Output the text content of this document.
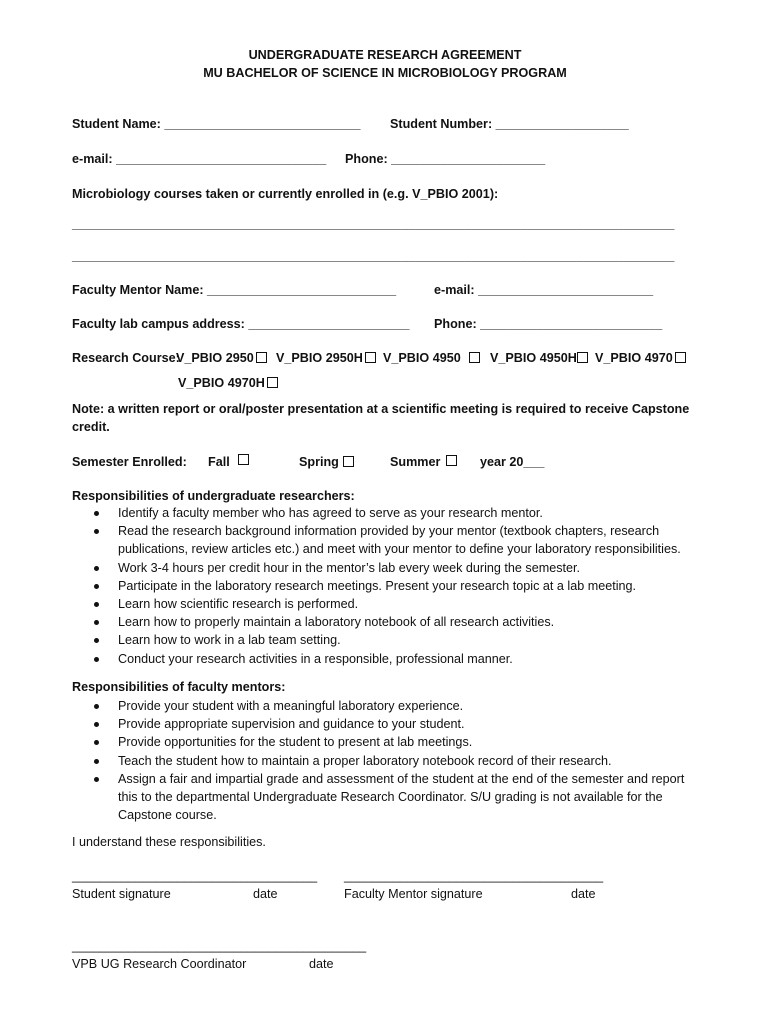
UNDERGRADUATE RESEARCH AGREEMENT
MU BACHELOR OF SCIENCE IN MICROBIOLOGY PROGRAM
Student Name: ____________________________ Student Number: ___________________
e-mail: ______________________________ Phone: ______________________
Microbiology courses taken or currently enrolled in (e.g. V_PBIO 2001):
______________________________________________________________________________________
______________________________________________________________________________________
Faculty Mentor Name: ___________________________	e-mail: _________________________
Faculty lab campus address: _______________________ Phone: __________________________
Research Course:
V_PBIO 2950 V_PBIO 2950H V_PBIO 4950 V_PBIO 4950H V_PBIO 4970
V_PBIO 4970H
Note: a written report or oral/poster presentation at a scientific meeting is required to receive Capstone credit.
Semester Enrolled: Fall	Spring	Summer	year 20___
Responsibilities of undergraduate researchers:
Identify a faculty member who has agreed to serve as your research mentor.
Read the research background information provided by your mentor (textbook chapters, research publications, review articles etc.) and meet with your mentor to define your laboratory responsibilities.
Work 3-4 hours per credit hour in the mentor’s lab every week during the semester.
Participate in the laboratory research meetings. Present your research topic at a lab meeting.
Learn how scientific research is performed.
Learn how to properly maintain a laboratory notebook of all research activities.
Learn how to work in a lab team setting.
Conduct your research activities in a responsible, professional manner.
Responsibilities of faculty mentors:
Provide your student with a meaningful laboratory experience.
Provide appropriate supervision and guidance to your student.
Provide opportunities for the student to present at lab meetings.
Teach the student how to maintain a proper laboratory notebook record of their research.
Assign a fair and impartial grade and assessment of the student at the end of the semester and report this to the departmental Undergraduate Research Coordinator. S/U grading is not available for the Capstone course.
I understand these responsibilities.
___________________________________ _____________________________________
Student signature	date	Faculty Mentor signature	date
__________________________________________
VPB UG Research Coordinator	date
